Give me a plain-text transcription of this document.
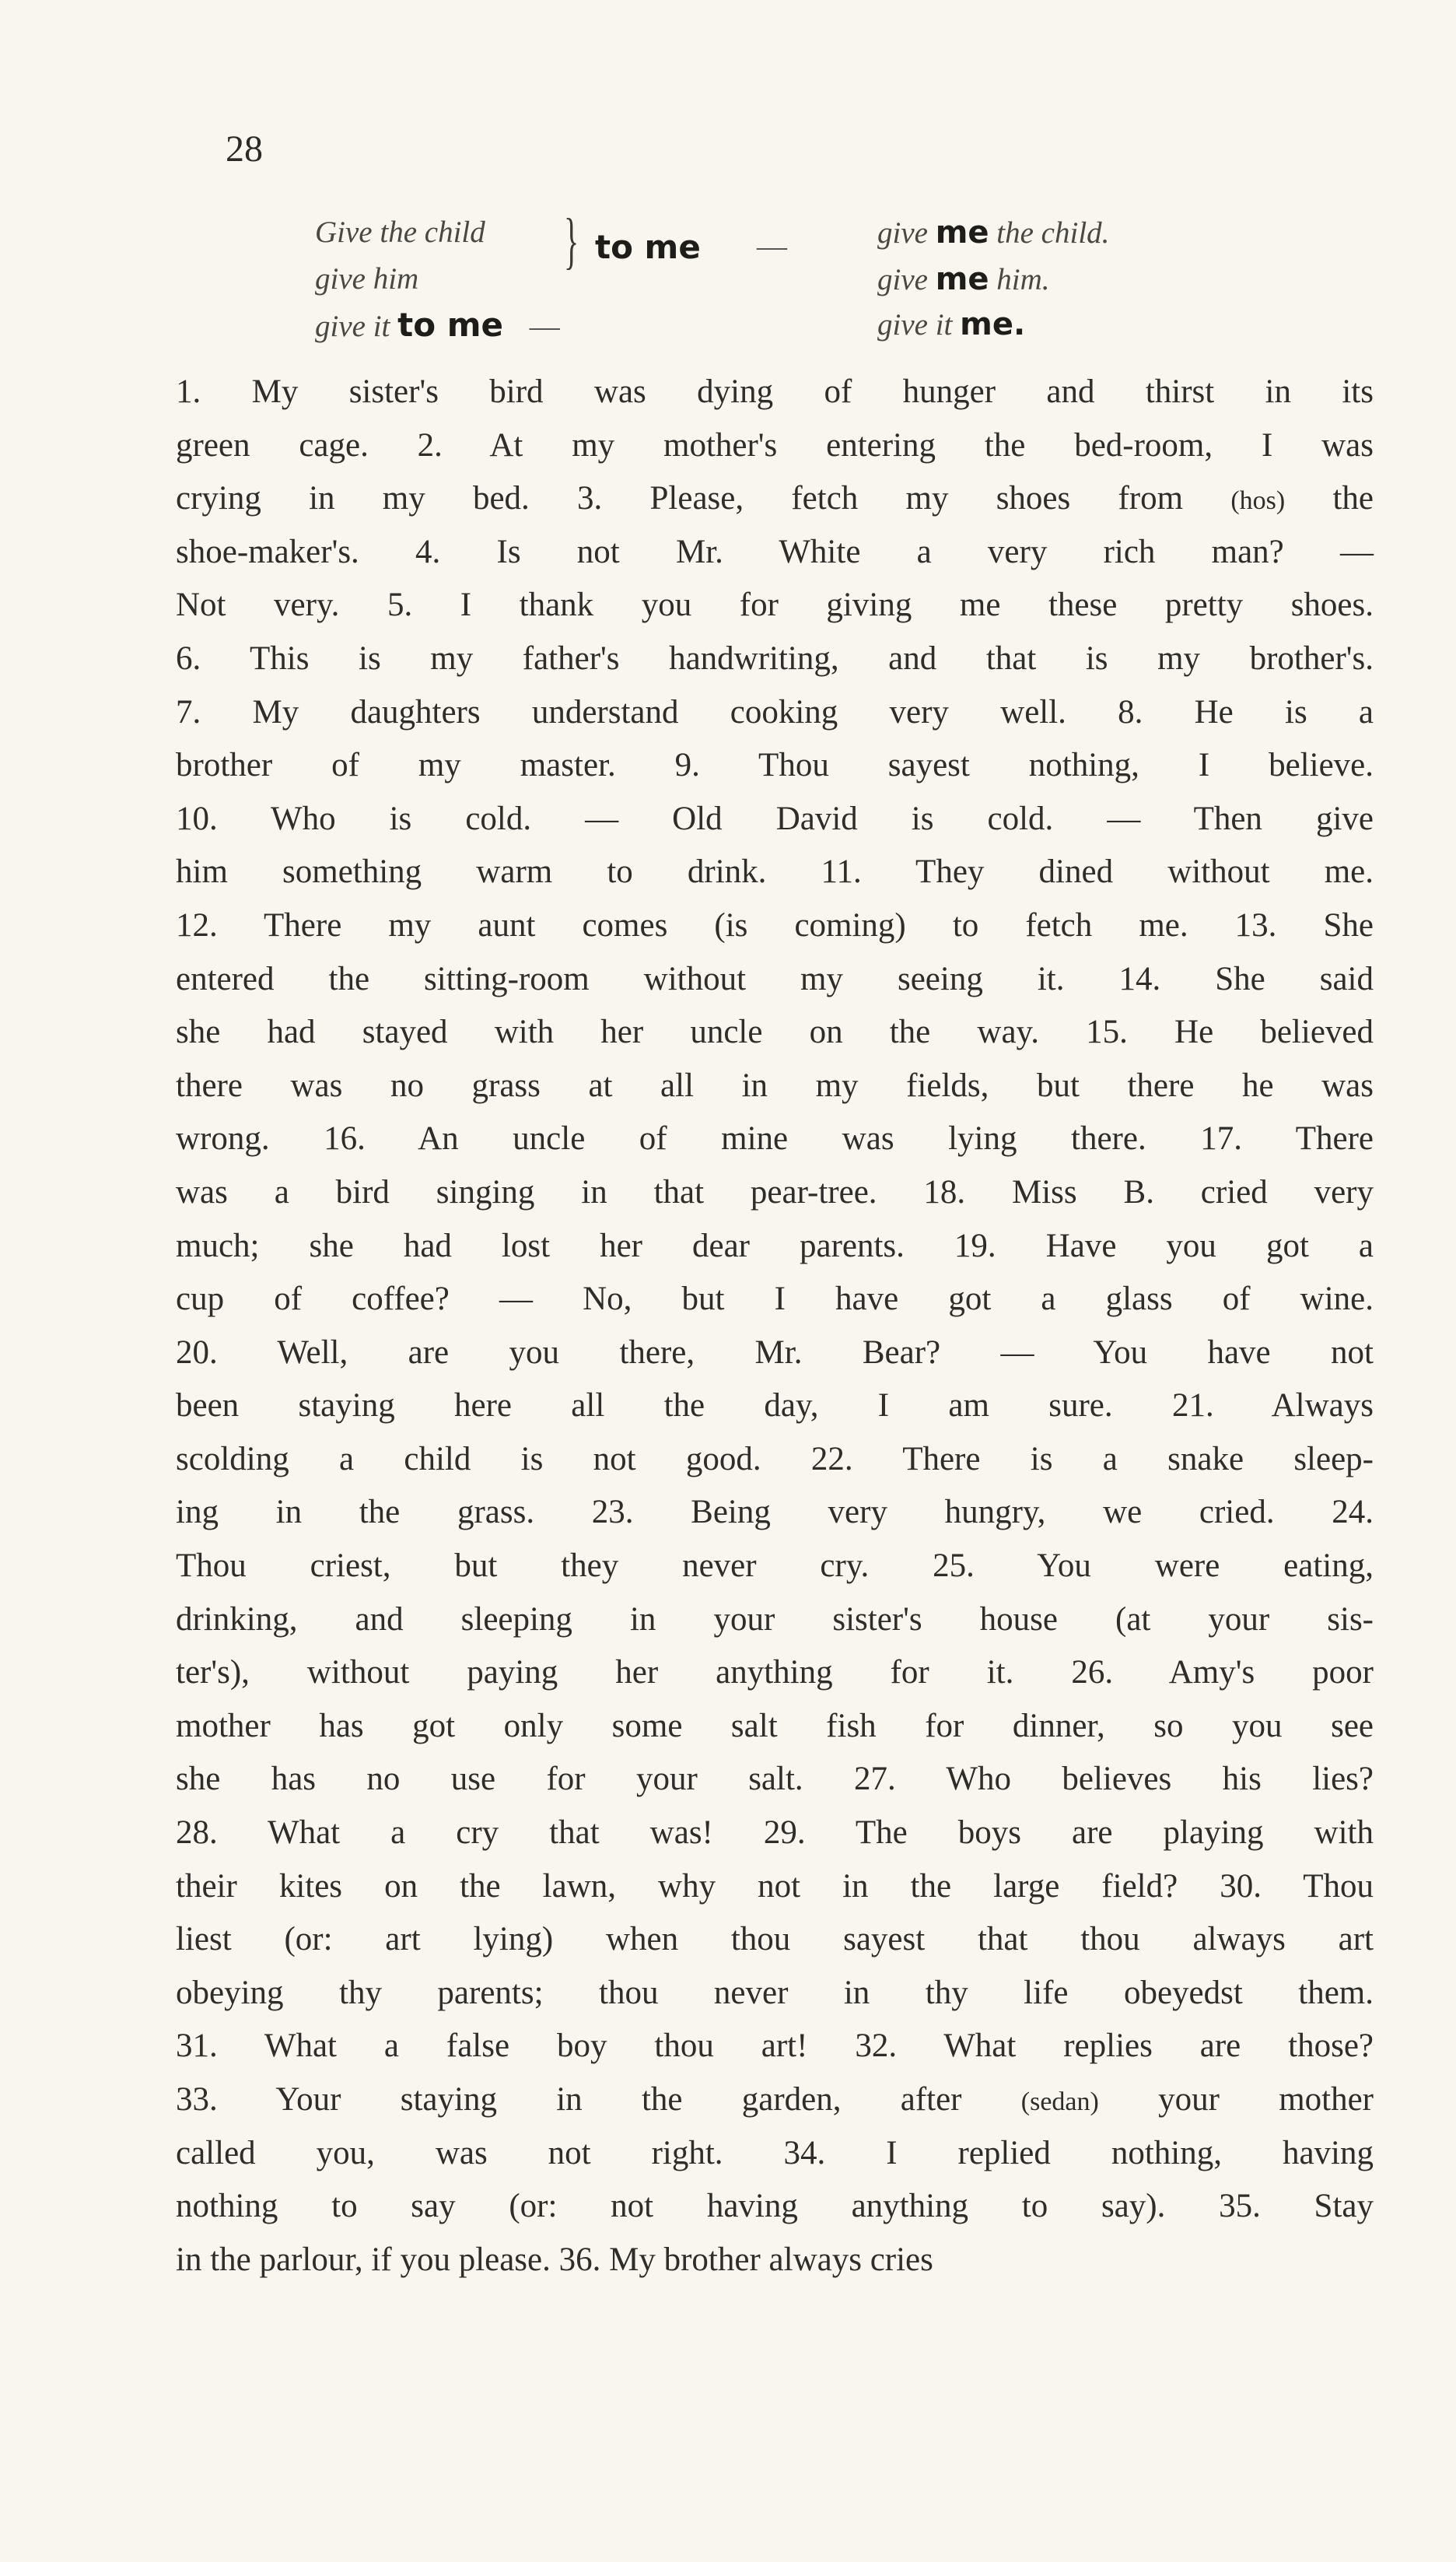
28
Give the child
give him
} to me —
give it to me —
give me the child.
give me him.
give it me.
1. My sister's bird was dying of hunger and thirst in its
green cage. 2. At my mother's entering the bed-room, I was
crying in my bed. 3. Please, fetch my shoes from (hos) the
shoe-maker's. 4. Is not Mr. White a very rich man? —
Not very. 5. I thank you for giving me these pretty shoes.
6. This is my father's handwriting, and that is my brother's.
7. My daughters understand cooking very well. 8. He is a
brother of my master. 9. Thou sayest nothing, I believe.
10. Who is cold. — Old David is cold. — Then give
him something warm to drink. 11. They dined without me.
12. There my aunt comes (is coming) to fetch me. 13. She
entered the sitting-room without my seeing it. 14. She said
she had stayed with her uncle on the way. 15. He believed
there was no grass at all in my fields, but there he was
wrong. 16. An uncle of mine was lying there. 17. There
was a bird singing in that pear-tree. 18. Miss B. cried very
much; she had lost her dear parents. 19. Have you got a
cup of coffee? — No, but I have got a glass of wine.
20. Well, are you there, Mr. Bear? — You have not
been staying here all the day, I am sure. 21. Always
scolding a child is not good. 22. There is a snake sleep-
ing in the grass. 23. Being very hungry, we cried. 24.
Thou criest, but they never cry. 25. You were eating,
drinking, and sleeping in your sister's house (at your sis-
ter's), without paying her anything for it. 26. Amy's poor
mother has got only some salt fish for dinner, so you see
she has no use for your salt. 27. Who believes his lies?
28. What a cry that was! 29. The boys are playing with
their kites on the lawn, why not in the large field? 30. Thou
liest (or: art lying) when thou sayest that thou always art
obeying thy parents; thou never in thy life obeyedst them.
31. What a false boy thou art! 32. What replies are those?
33. Your staying in the garden, after (sedan) your mother
called you, was not right. 34. I replied nothing, having
nothing to say (or: not having anything to say). 35. Stay
in the parlour, if you please. 36. My brother always cries
